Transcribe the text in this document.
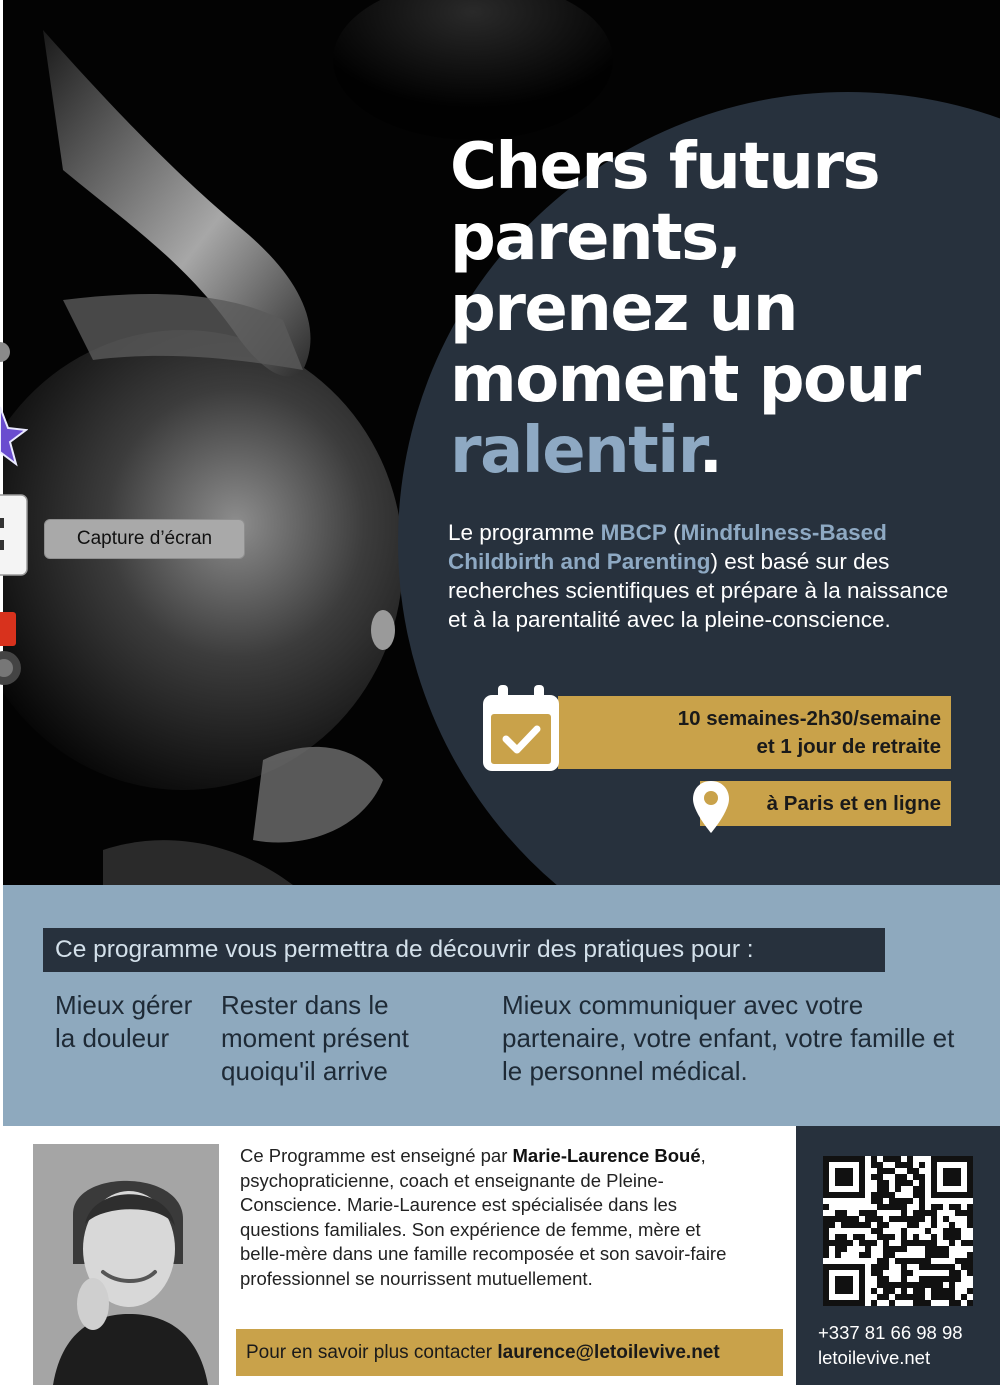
Chers futurs
parents,
prenez un
moment pour
ralentir.

Le programme MBCP (Mindfulness-Based Childbirth and Parenting) est basé sur des recherches scientifiques et prépare à la naissance et à la parentalité avec la pleine-conscience.

10 semaines-2h30/semaine
et 1 jour de retraite
à Paris et en ligne
Ce programme vous permettra de découvrir des pratiques pour :

Mieux gérer la douleur

Rester dans le moment présent quoiqu'il arrive

Mieux communiquer avec votre partenaire, votre enfant, votre famille et le personnel médical.

Ce Programme est enseigné par Marie-Laurence Boué, psychopraticienne, coach et enseignante de Pleine-Conscience. Marie-Laurence est spécialisée dans les questions familiales. Son expérience de femme, mère et belle-mère dans une famille recomposée et son savoir-faire professionnel se nourrissent mutuellement.

Pour en savoir plus contacter laurence@letoilevive.net
+337 81 66 98 98
letoilevive.net
Capture d’écran
